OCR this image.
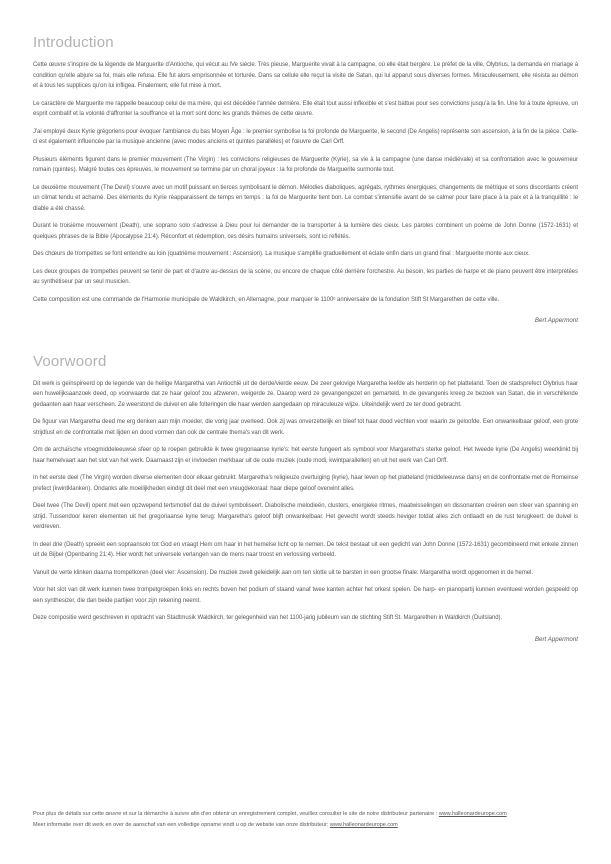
Introduction

Cette œuvre s'inspire de la légende de Marguerite d'Antioche, qui vécut au IVe siècle. Très pieuse, Marguerite vivait à la campagne, où elle était bergère. Le préfet de la ville, Olybrius, la demanda en mariage à condition qu'elle abjure sa foi, mais elle refusa. Elle fut alors emprisonnée et torturée. Dans sa cellule elle reçut la visite de Satan, qui lui apparut sous diverses formes. Miraculeusement, elle résista au démon et à tous les supplices qu'on lui infligea. Finalement, elle fut mise à mort.

Le caractère de Marguerite me rappelle beaucoup celui de ma mère, qui est décédée l'année dernière. Elle était tout aussi inflexible et s'est battue pour ses convictions jusqu'à la fin. Une foi à toute épreuve, un esprit combatif et la volonté d'affronter la souffrance et la mort sont donc les grands thèmes de cette œuvre.

J'ai employé deux Kyrie grégoriens pour évoquer l'ambiance du bas Moyen Âge : le premier symbolise la foi profonde de Marguerite, le second (De Angelis) représente son ascension, à la fin de la pièce. Celle-ci est également influencée par la musique ancienne (avec modes anciens et quintes parallèles) et l'œuvre de Carl Orff.

Plusieurs éléments figurent dans le premier mouvement (The Virgin) : les convictions religieuses de Marguerite (Kyrie), sa vie à la campagne (une danse médiévale) et sa confrontation avec le gouverneur romain (quintes). Malgré toutes ces épreuves, le mouvement se termine par un choral joyeux : la foi profonde de Marguerite surmonte tout.

Le deuxième mouvement (The Devil) s'ouvre avec un motif puissant en tierces symbolisant le démon. Mélodies diaboliques, agrégats, rythmes énergiques, changements de métrique et sons discordants créent un climat tendu et acharné. Des éléments du Kyrie réapparaissent de temps en temps : la foi de Marguerite tient bon. Le combat s'intensifie avant de se calmer pour faire place à la paix et à la tranquillité : le diable a été chassé.

Durant le troisième mouvement (Death), une soprano solo s'adresse à Dieu pour lui demander de la transporter à la lumière des cieux. Les paroles combinent un poème de John Donne (1572-1631) et quelques phrases de la Bible (Apocalypse 21:4). Réconfort et rédemption, ces désirs humains universels, sont ici reflétés.

Des chœurs de trompettes se font entendre au loin (quatrième mouvement : Ascension). La musique s'amplifie graduellement et éclate enfin dans un grand final : Marguerite monte aux cieux.

Les deux groupes de trompettes peuvent se tenir de part et d'autre au-dessus de la scène, ou encore de chaque côté derrière l'orchestre. Au besoin, les parties de harpe et de piano peuvent être interprétées au synthétiseur par un seul musicien.

Cette composition est une commande de l'Harmonie municipale de Waldkirch, en Allemagne, pour marquer le 1100ᵉ anniversaire de la fondation Stift St Margarethen de cette ville.

Bert Appermont
Voorwoord

Dit werk is geïnspireerd op de legende van de heilige Margaretha van Antiochië uit de derde/vierde eeuw. De zeer gelovige Margaretha leefde als herderin op het platteland. Toen de stadsprefect Olybrius haar een huwelijksaanzoek deed, op voorwaarde dat ze haar geloof zou afzweren, weigerde ze. Daarop werd ze gevangengezet en gemarteld. In de gevangenis kreeg ze bezoek van Satan, die in verschillende gedaanten aan haar verscheen. Ze weerstond de duivel en alle folteringen die haar werden aangedaan op miraculeuze wijze. Uiteindelijk werd ze ter dood gebracht.

De figuur van Margaretha deed me erg denken aan mijn moeder, die vorig jaar overleed. Ook zij was onverzettelijk en bleef tot haar dood vechten voor waarin ze geloofde. Een onwankelbaar geloof, een grote strijdlust en de confrontatie met lijden en dood vormen dan ook de centrale thema's van dit werk.

Om de archaïsche vroegmiddeleeuwse sfeer op te roepen gebruikte ik twee gregoriaanse kyrie's: het eerste fungeert als symbool voor Margaretha's sterke geloof. Het tweede kyrie (De Angelis) weerklinkt bij haar hemelvaart aan het slot van het werk. Daarnaast zijn er invloeden merkbaar uit de oude muziek (oude modi, kwintparallellen) en uit het werk van Carl Orff.

In het eerste deel (The Virgin) worden diverse elementen door elkaar gebruikt: Margaretha's religieuze overtuiging (kyrie), haar leven op het platteland (middeleeuwse dans) en de confrontatie met de Romeinse prefect (kwintklanken). Ondanks alle moeilijkheden eindigt dit deel met een vreugdekoraal: haar diepe geloof overwint alles.

Deel twee (The Devil) opent met een opzwepend tertsmotief dat de duivel symboliseert. Diabolische melodieën, clusters, energieke ritmes, maatwisselingen en dissonanten creëren een sfeer van spanning en strijd. Tussendoor keren elementen uit het gregoriaanse kyrie terug: Margaretha's geloof blijft onwankelbaar. Het gevecht wordt steeds heviger totdat alles zich ontlaadt en de rust terugkeert: de duivel is verdreven.

In deel drie (Death) spreekt een sopraansolo tot God en vraagt Hem om haar in het hemelse licht op te nemen. De tekst bestaat uit een gedicht van John Donne (1572-1631) gecombineerd met enkele zinnen uit de Bijbel (Openbaring 21:4). Hier wordt het universele verlangen van de mens naar troost en verlossing verbeeld.

Vanuit de verte klinken daarna trompetkoren (deel vier: Ascension). De muziek zwelt geleidelijk aan om ten slotte uit te barsten in een grootse finale: Margaretha wordt opgenomen in de hemel.

Voor het slot van dit werk kunnen twee trompetgroepen links en rechts boven het podium of staand vanaf twee kanten achter het orkest spelen. De harp- en pianopartij kunnen eventueel worden gespeeld op een synthesizer, die dan beide partijen voor zijn rekening neemt.

Deze compositie werd geschreven in opdracht van Stadtmusik Waldkirch, ter gelegenheid van het 1100-jarig jubileum van de stichting Stift St. Margarethen in Waldkirch (Duitsland).

Bert Appermont
Pour plus de détails sur cette œuvre et sur la démarche à suivre afin d'en obtenir un enregistrement complet, veuillez consulter le site de notre distributeur partenaire : www.halleonardeurope.com
Meer informatie over dit werk en over de aanschaf van een volledige opname vindt u op de website van onze distributeur: www.halleonardeurope.com
